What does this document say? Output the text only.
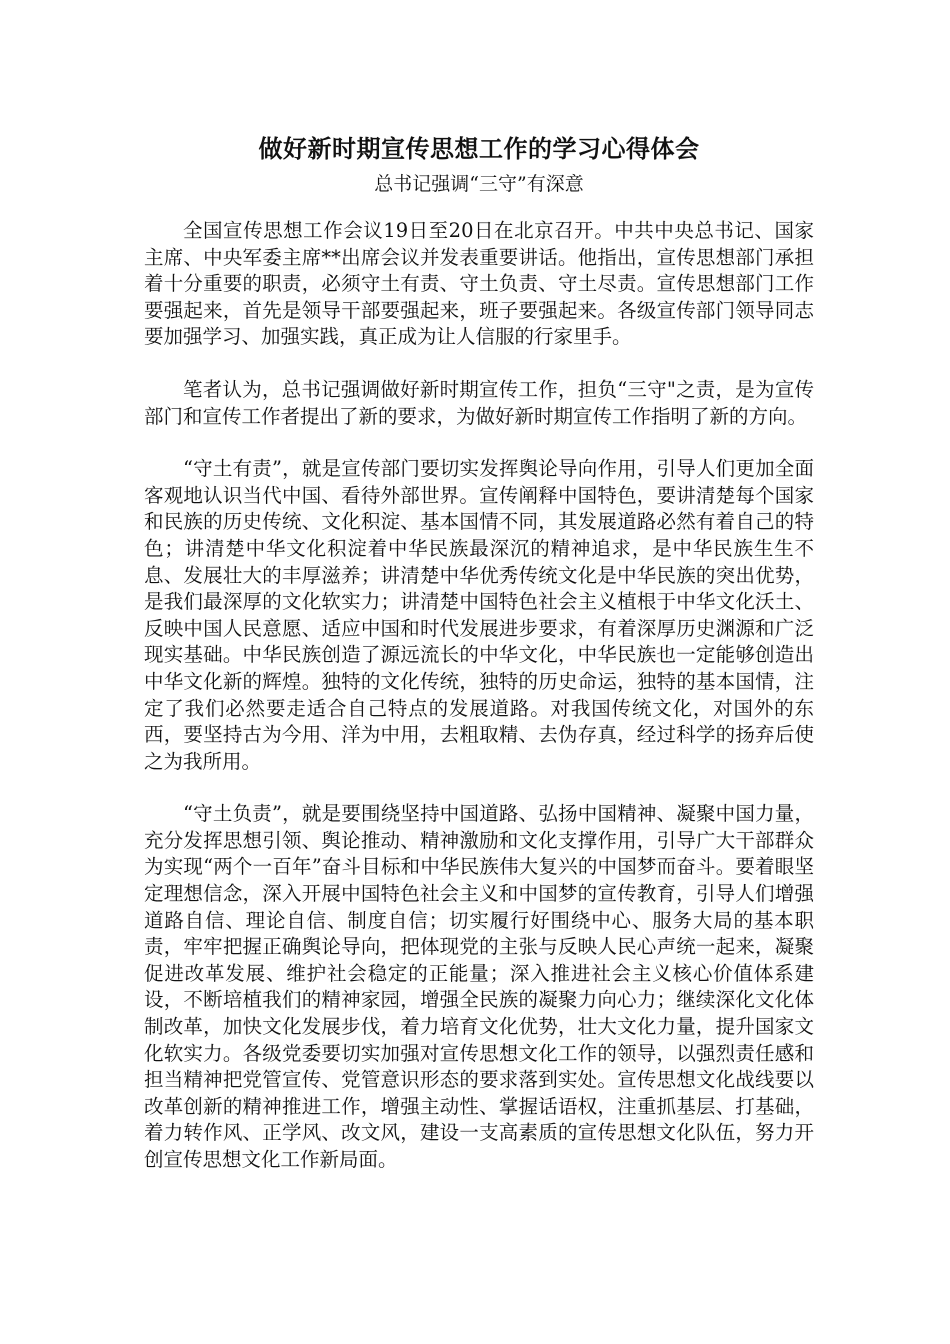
做好新时期宣传思想工作的学习心得体会
总书记强调“三守”有深意

全国宣传思想工作会议19日至20日在北京召开。中共中央总书记、国家主席、中央军委主席**出席会议并发表重要讲话。他指出，宣传思想部门承担着十分重要的职责，必须守土有责、守土负责、守土尽责。宣传思想部门工作要强起来，首先是领导干部要强起来，班子要强起来。各级宣传部门领导同志要加强学习、加强实践，真正成为让人信服的行家里手。

笔者认为，总书记强调做好新时期宣传工作，担负“三守"之责，是为宣传部门和宣传工作者提出了新的要求，为做好新时期宣传工作指明了新的方向。

“守土有责”，就是宣传部门要切实发挥舆论导向作用，引导人们更加全面客观地认识当代中国、看待外部世界。宣传阐释中国特色，要讲清楚每个国家和民族的历史传统、文化积淀、基本国情不同，其发展道路必然有着自己的特色；讲清楚中华文化积淀着中华民族最深沉的精神追求，是中华民族生生不息、发展壮大的丰厚滋养；讲清楚中华优秀传统文化是中华民族的突出优势，是我们最深厚的文化软实力；讲清楚中国特色社会主义植根于中华文化沃土、反映中国人民意愿、适应中国和时代发展进步要求，有着深厚历史渊源和广泛现实基础。中华民族创造了源远流长的中华文化，中华民族也一定能够创造出中华文化新的辉煌。独特的文化传统，独特的历史命运，独特的基本国情，注定了我们必然要走适合自己特点的发展道路。对我国传统文化，对国外的东西，要坚持古为今用、洋为中用，去粗取精、去伪存真，经过科学的扬弃后使之为我所用。

“守土负责”，就是要围绕坚持中国道路、弘扬中国精神、凝聚中国力量，充分发挥思想引领、舆论推动、精神激励和文化支撑作用，引导广大干部群众为实现“两个一百年”奋斗目标和中华民族伟大复兴的中国梦而奋斗。要着眼坚定理想信念，深入开展中国特色社会主义和中国梦的宣传教育，引导人们增强道路自信、理论自信、制度自信；切实履行好围绕中心、服务大局的基本职责，牢牢把握正确舆论导向，把体现党的主张与反映人民心声统一起来，凝聚促进改革发展、维护社会稳定的正能量；深入推进社会主义核心价值体系建设，不断培植我们的精神家园，增强全民族的凝聚力向心力；继续深化文化体制改革，加快文化发展步伐，着力培育文化优势，壮大文化力量，提升国家文化软实力。各级党委要切实加强对宣传思想文化工作的领导，以强烈责任感和担当精神把党管宣传、党管意识形态的要求落到实处。宣传思想文化战线要以改革创新的精神推进工作，增强主动性、掌握话语权，注重抓基层、打基础，着力转作风、正学风、改文风，建设一支高素质的宣传思想文化队伍，努力开创宣传思想文化工作新局面。
